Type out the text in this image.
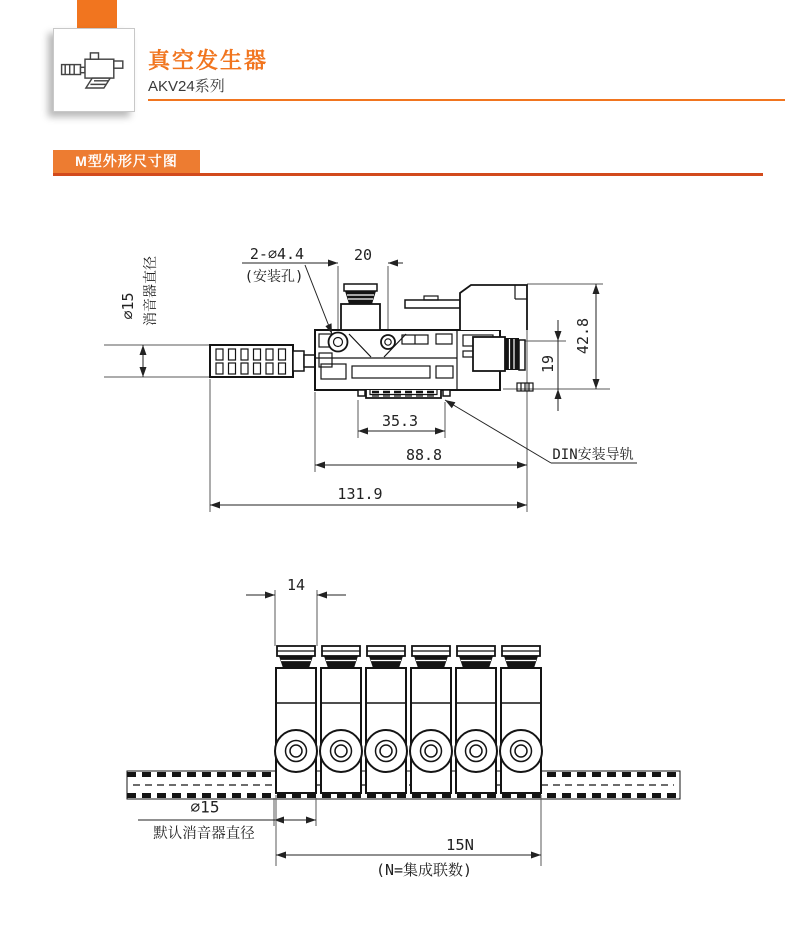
真空发生器
AKV24系列
M型外形尺寸图
∅15 消音器直径
20
2-∅4.4
(安装孔)
42.8
19
35.3
88.8
131.9
DIN安装导轨
14
∅15
默认消音器直径
15N
(N=集成联数)
